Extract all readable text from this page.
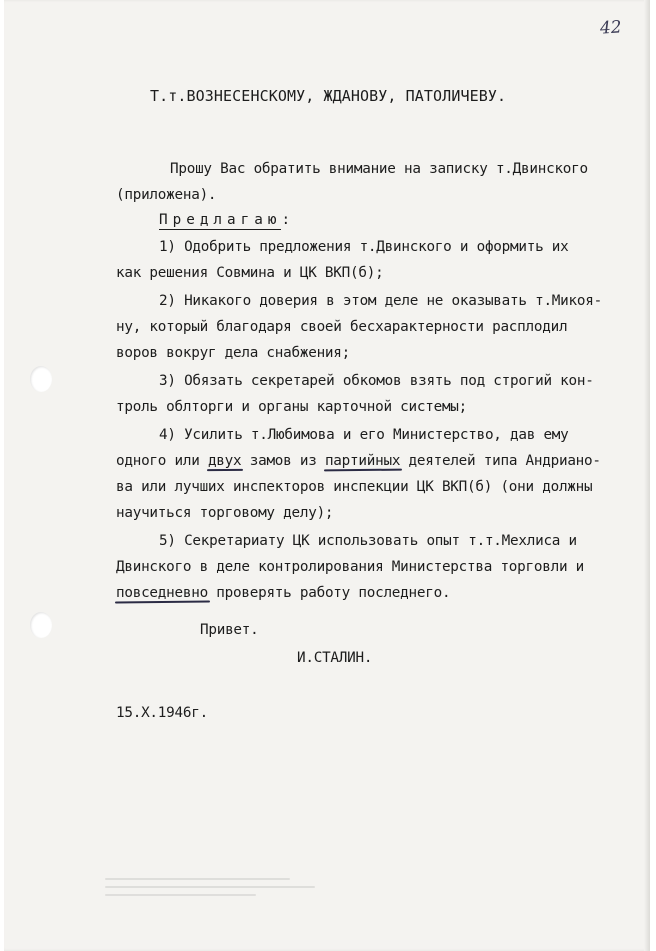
42
Т.т.ВОЗНЕСЕНСКОМУ, ЖДАНОВУ, ПАТОЛИЧЕВУ.
Прошу Вас обратить внимание на записку т.Двинского
(приложена).
Предлагаю:
1) Одобрить предложения т.Двинского и оформить их
как решения Совмина и ЦК ВКП(б);
2) Никакого доверия в этом деле не оказывать т.Микоя-
ну, который благодаря своей бесхарактерности расплодил
воров вокруг дела снабжения;
3) Обязать секретарей обкомов взять под строгий кон-
троль облторги и органы карточной системы;
4) Усилить т.Любимова и его Министерство, дав ему
одного или двух замов из партийных деятелей типа Андриано-
ва или лучших инспекторов инспекции ЦК ВКП(б) (они должны
научиться торговому делу);
5) Секретариату ЦК использовать опыт т.т.Мехлиса и
Двинского в деле контролирования Министерства торговли и
повседневно проверять работу последнего.
Привет.
И.СТАЛИН.
15.X.1946г.
